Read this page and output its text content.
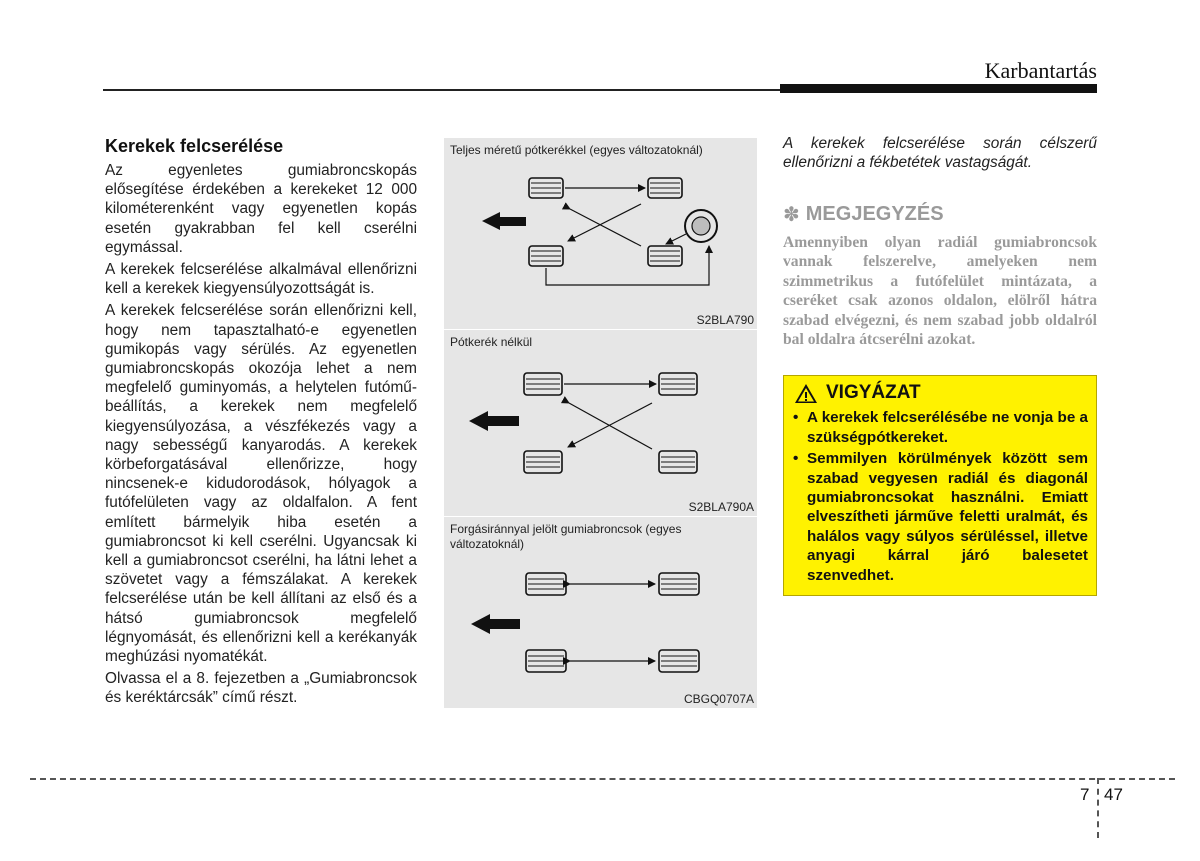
Karbantartás
Kerekek felcserélése

Az egyenletes gumiabroncskopás elősegítése érdekében a kerekeket 12 000 kilométerenként vagy egyenetlen kopás esetén gyakrabban fel kell cserélni egymással.

A kerekek felcserélése alkalmával ellenőrizni kell a kerekek kiegyensúlyozottságát is.

A kerekek felcserélése során ellenőrizni kell, hogy nem tapasztalható-e egyenetlen gumikopás vagy sérülés. Az egyenetlen gumiabroncskopás okozója lehet a nem megfelelő guminyomás, a helytelen futómű-beállítás, a kerekek nem megfelelő kiegyensúlyozása, a vészfékezés vagy a nagy sebességű kanyarodás. A kerekek körbeforgatásával ellenőrizze, hogy nincsenek-e kidudorodások, hólyagok a futófelületen vagy az oldalfalon. A fent említett bármelyik hiba esetén a gumiabroncsot ki kell cserélni. Ugyancsak ki kell a gumiabroncsot cserélni, ha látni lehet a szövetet vagy a fémszálakat. A kerekek felcserélése után be kell állítani az első és a hátsó gumiabroncsok megfelelő légnyomását, és ellenőrizni kell a kerékanyák meghúzási nyomatékát.

Olvassa el a 8. fejezetben a „Gumiabroncsok és keréktárcsák” című részt.

Teljes méretű pótkerékkel (egyes változatoknál)
S2BLA790
Pótkerék nélkül
S2BLA790A
Forgásiránnyal jelölt gumiabroncsok (egyes változatoknál)
CBGQ0707A

A kerekek felcserélése során célszerű ellenőrizni a fékbetétek vastagságát.

✽ MEGJEGYZÉS

Amennyiben olyan radiál gumiabroncsok vannak felszerelve, amelyeken nem szimmetrikus a futófelület mintázata, a cseréket csak azonos oldalon, elölről hátra szabad elvégezni, és nem szabad jobb oldalról bal oldalra átcserélni azokat.

VIGYÁZAT
• A kerekek felcserélésébe ne vonja be a szükségpótkereket.
• Semmilyen körülmények között sem szabad vegyesen radiál és diagonál gumiabroncsokat használni. Emiatt elveszítheti járműve feletti uralmát, és halálos vagy súlyos sérüléssel, illetve anyagi kárral járó balesetet szenvedhet.
7 47
